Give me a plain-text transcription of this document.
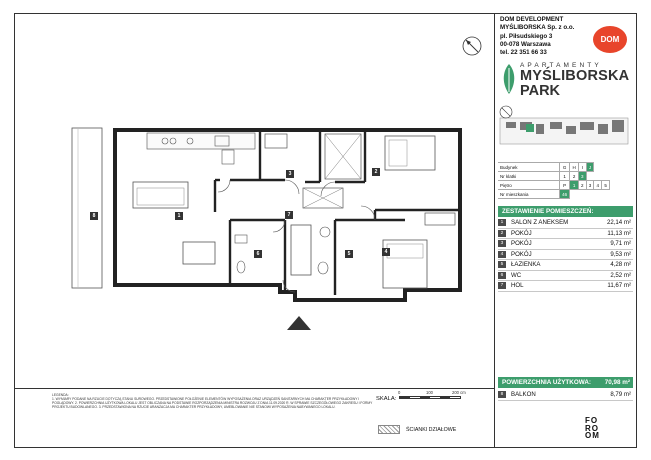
1
2
3
4
5
6
7
8
DOM DEVELOPMENT
MYŚLIBORSKA Sp. z o.o.
pl. Piłsudskiego 3
00-078 Warszawa
tel. 22 351 66 33
DOM
APARTAMENTY
MYŚLIBORSKA
PARK
Budynek	G	H	I	J		
Nr klatki	1	2	3			
Piętro	P	1	2	3	4	5
Nr mieszkania	46					
ZESTAWIENIE POMIESZCZEŃ:
1	SALON Z ANEKSEM	22,14 m²
2	POKÓJ	11,13 m²
3	POKÓJ	9,71 m²
4	POKÓJ	9,53 m²
5	ŁAZIENKA	4,28 m²
6	WC	2,52 m²
7	HOL	11,67 m²
POWIERZCHNIA UŻYTKOWA: 70,98 m²
8	BALKON	8,79 m²
LEGENDA:
1. WYMIARY PODANE NA RZUCIE DOTYCZĄ STANU SUROWEGO. PRZEDSTAWIONE POŁOŻENIE ELEMENTÓW WYPOSAŻENIA ORAZ URZĄDZEŃ SANITARNYCH MA CHARAKTER PRZYKŁADOWY I POGLĄDOWY. 2. POWIERZCHNIA UŻYTKOWA LOKALU JEST OBLICZANA NA PODSTAWIE ROZPORZĄDZENIA MINISTRA ROZWOJU Z DNIA 11.09.2020 R. W SPRAWIE SZCZEGÓŁOWEGO ZAKRESU I FORMY PROJEKTU BUDOWLANEGO. 3. PRZEDSTAWIONA NA RZUCIE ARANŻACJA MA CHARAKTER PRZYKŁADOWY, UMEBLOWANIE NIE STANOWI WYPOSAŻENIA NABYWANEGO LOKALU.
SKALA:
0	100	200 cm
ŚCIANKI DZIAŁOWE
FO
RO
OM
